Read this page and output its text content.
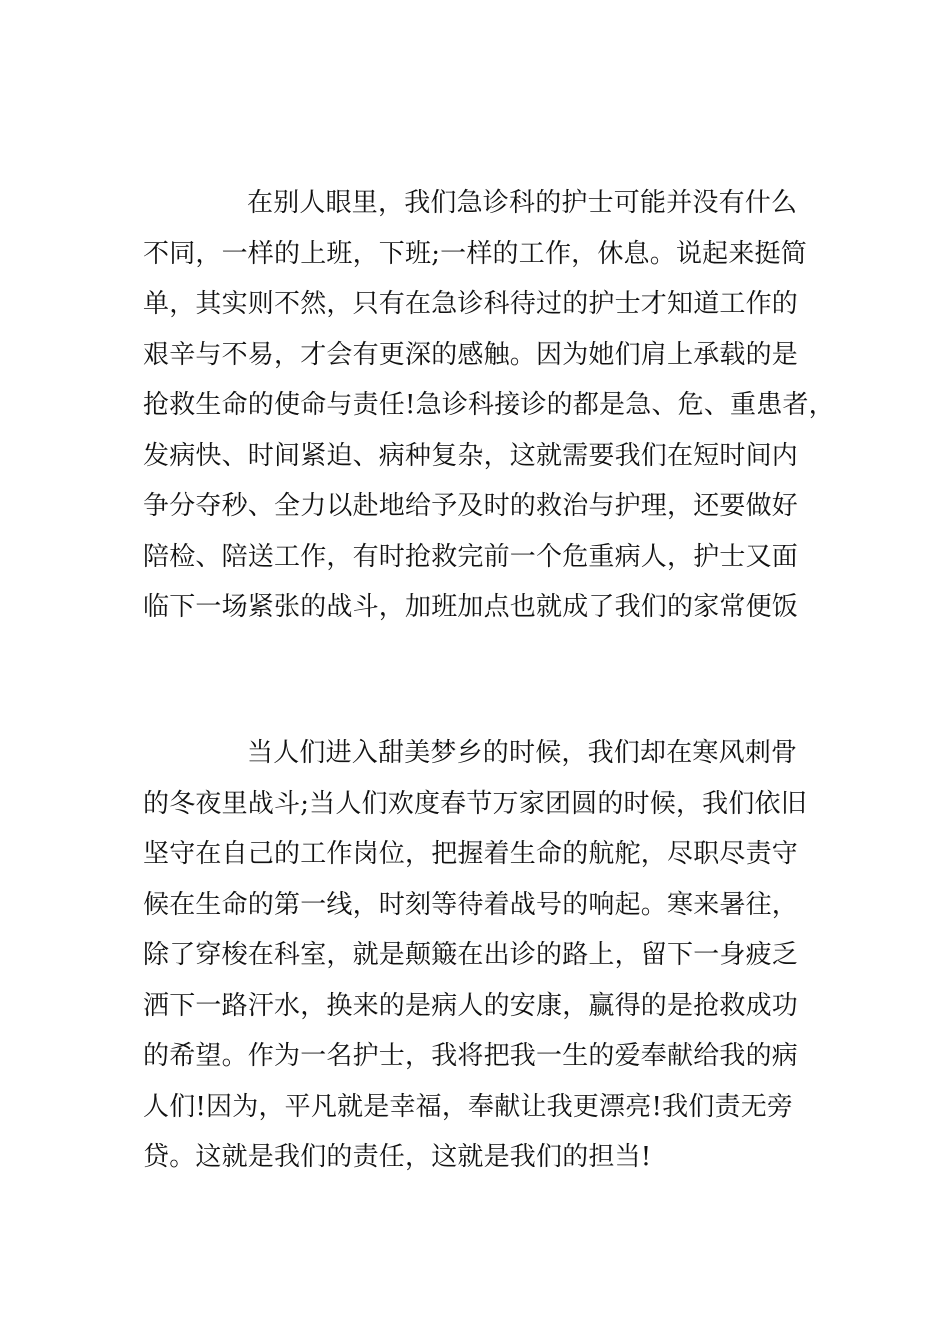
在别人眼里，我们急诊科的护士可能并没有什么
不同，一样的上班，下班;一样的工作，休息。说起来挺简
单，其实则不然，只有在急诊科待过的护士才知道工作的
艰辛与不易，才会有更深的感触。因为她们肩上承载的是
抢救生命的使命与责任!急诊科接诊的都是急、危、重患者，
发病快、时间紧迫、病种复杂，这就需要我们在短时间内
争分夺秒、全力以赴地给予及时的救治与护理，还要做好
陪检、陪送工作，有时抢救完前一个危重病人，护士又面
临下一场紧张的战斗，加班加点也就成了我们的家常便饭
当人们进入甜美梦乡的时候，我们却在寒风刺骨
的冬夜里战斗;当人们欢度春节万家团圆的时候，我们依旧
坚守在自己的工作岗位，把握着生命的航舵，尽职尽责守
候在生命的第一线，时刻等待着战号的响起。寒来暑往，
除了穿梭在科室，就是颠簸在出诊的路上，留下一身疲乏
洒下一路汗水，换来的是病人的安康，赢得的是抢救成功
的希望。作为一名护士，我将把我一生的爱奉献给我的病
人们!因为，平凡就是幸福，奉献让我更漂亮!我们责无旁
贷。这就是我们的责任，这就是我们的担当!
